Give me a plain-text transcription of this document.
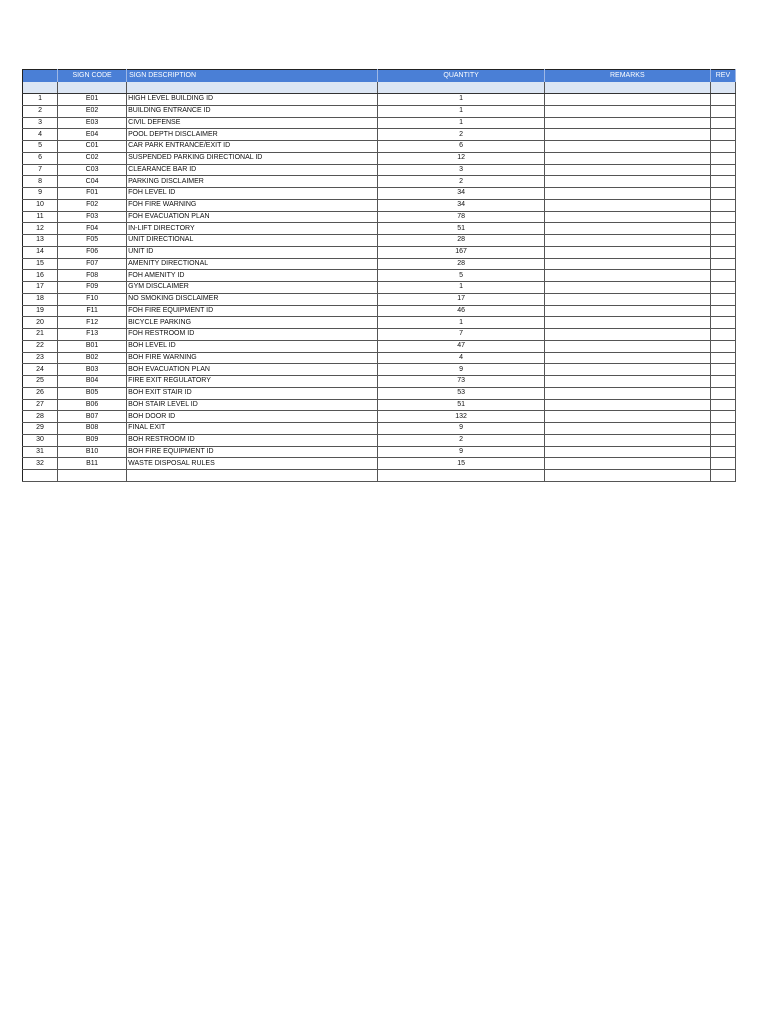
	SIGN CODE	SIGN DESCRIPTION	QUANTITY	REMARKS	REV

1	E01	HIGH LEVEL BUILDING ID	1		
2	E02	BUILDING ENTRANCE ID	1		
3	E03	CIVIL DEFENSE	1		
4	E04	POOL DEPTH DISCLAIMER	2		
5	C01	CAR PARK ENTRANCE/EXIT ID	6		
6	C02	SUSPENDED PARKING DIRECTIONAL ID	12		
7	C03	CLEARANCE BAR ID	3		
8	C04	PARKING DISCLAIMER	2		
9	F01	FOH LEVEL ID	34		
10	F02	FOH FIRE WARNING	34		
11	F03	FOH EVACUATION PLAN	78		
12	F04	IN-LIFT DIRECTORY	51		
13	F05	UNIT DIRECTIONAL	28		
14	F06	UNIT ID	167		
15	F07	AMENITY DIRECTIONAL	28		
16	F08	FOH AMENITY ID	5		
17	F09	GYM DISCLAIMER	1		
18	F10	NO SMOKING DISCLAIMER	17		
19	F11	FOH FIRE EQUIPMENT ID	46		
20	F12	BICYCLE PARKING	1		
21	F13	FOH RESTROOM ID	7		
22	B01	BOH LEVEL ID	47		
23	B02	BOH FIRE WARNING	4		
24	B03	BOH EVACUATION PLAN	9		
25	B04	FIRE EXIT REGULATORY	73		
26	B05	BOH EXIT STAIR ID	53		
27	B06	BOH STAIR LEVEL ID	51		
28	B07	BOH DOOR ID	132		
29	B08	FINAL EXIT	9		
30	B09	BOH RESTROOM ID	2		
31	B10	BOH FIRE EQUIPMENT ID	9		
32	B11	WASTE DISPOSAL RULES	15		
